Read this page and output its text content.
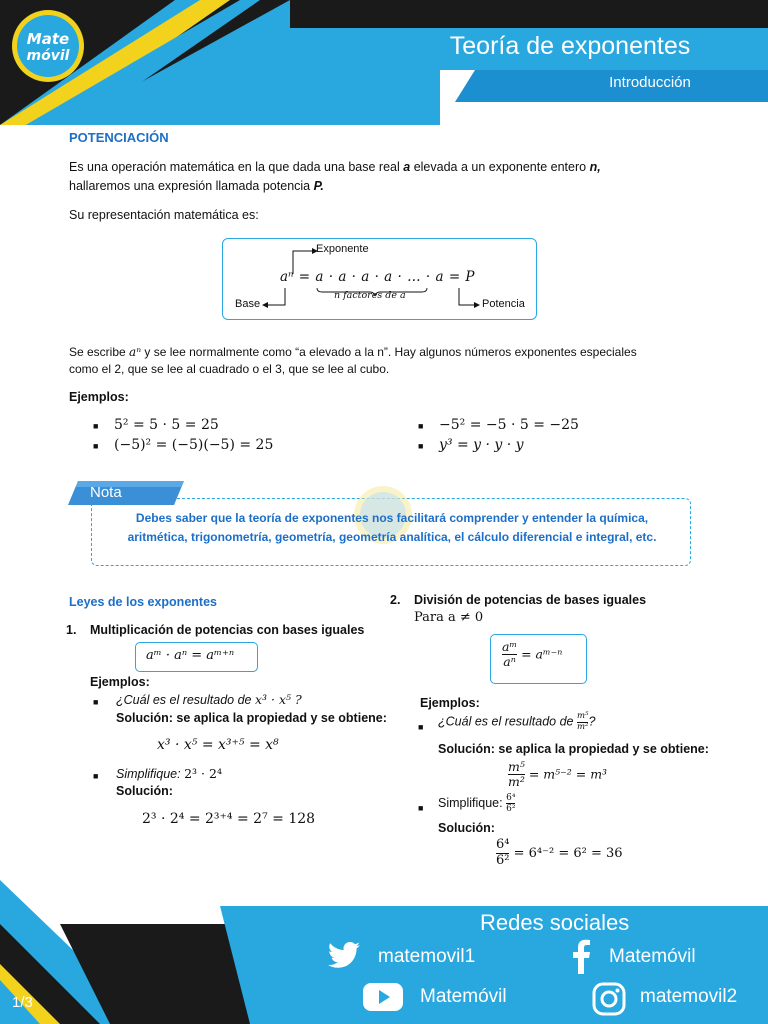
Mate
móvil	Teoría de exponentes
Introducción
POTENCIACIÓN
Es una operación matemática en la que dada una base real a elevada a un exponente entero n,
hallaremos una expresión llamada potencia P.
Su representación matemática es:
Exponente
aⁿ = a · a · a · a · … · a = P
n factores de a
Base	Potencia
Se escribe aⁿ y se lee normalmente como “a elevado a la n”. Hay algunos números exponentes especiales
como el 2, que se lee al cuadrado o el 3, que se lee al cubo.
Ejemplos:
■ 5² = 5 · 5 = 25
■ (−5)² = (−5)(−5) = 25
■ −5² = −5 · 5 = −25
■ y³ = y · y · y
Nota
Debes saber que la teoría de exponentes nos facilitará comprender y entender la química,
aritmética, trigonometría, geometría, geometría analítica, el cálculo diferencial e integral, etc.
Leyes de los exponentes
1. Multiplicación de potencias con bases iguales
aᵐ · aⁿ = aᵐ⁺ⁿ
Ejemplos:
■ ¿Cuál es el resultado de x³ · x⁵ ?
Solución: se aplica la propiedad y se obtiene:
x³ · x⁵ = x³⁺⁵ = x⁸
■ Simplifique: 2³ · 2⁴
Solución:
2³ · 2⁴ = 2³⁺⁴ = 2⁷ = 128
2. División de potencias de bases iguales
Para a ≠ 0
$\frac{\text{aᵐ}}{\text{aⁿ}}$ = aᵐ⁻ⁿ
Ejemplos:
■ ¿Cuál es el resultado de $\frac{\text{m⁵}}{\text{m²}}$ ?
Solución: se aplica la propiedad y se obtiene:
$\frac{\text{m⁵}}{\text{m²}} = m^{5-2} = m^3$
■ Simplifique: $\frac{\text{6⁴}}{\text{6²}}$
Solución:
$\frac{\text{6⁴}}{\text{6²}} = 6^{4-2} = 6^2 = 36$
Redes sociales
matemovil1	Matemóvil
Matemóvil	matemovil2
1/3
